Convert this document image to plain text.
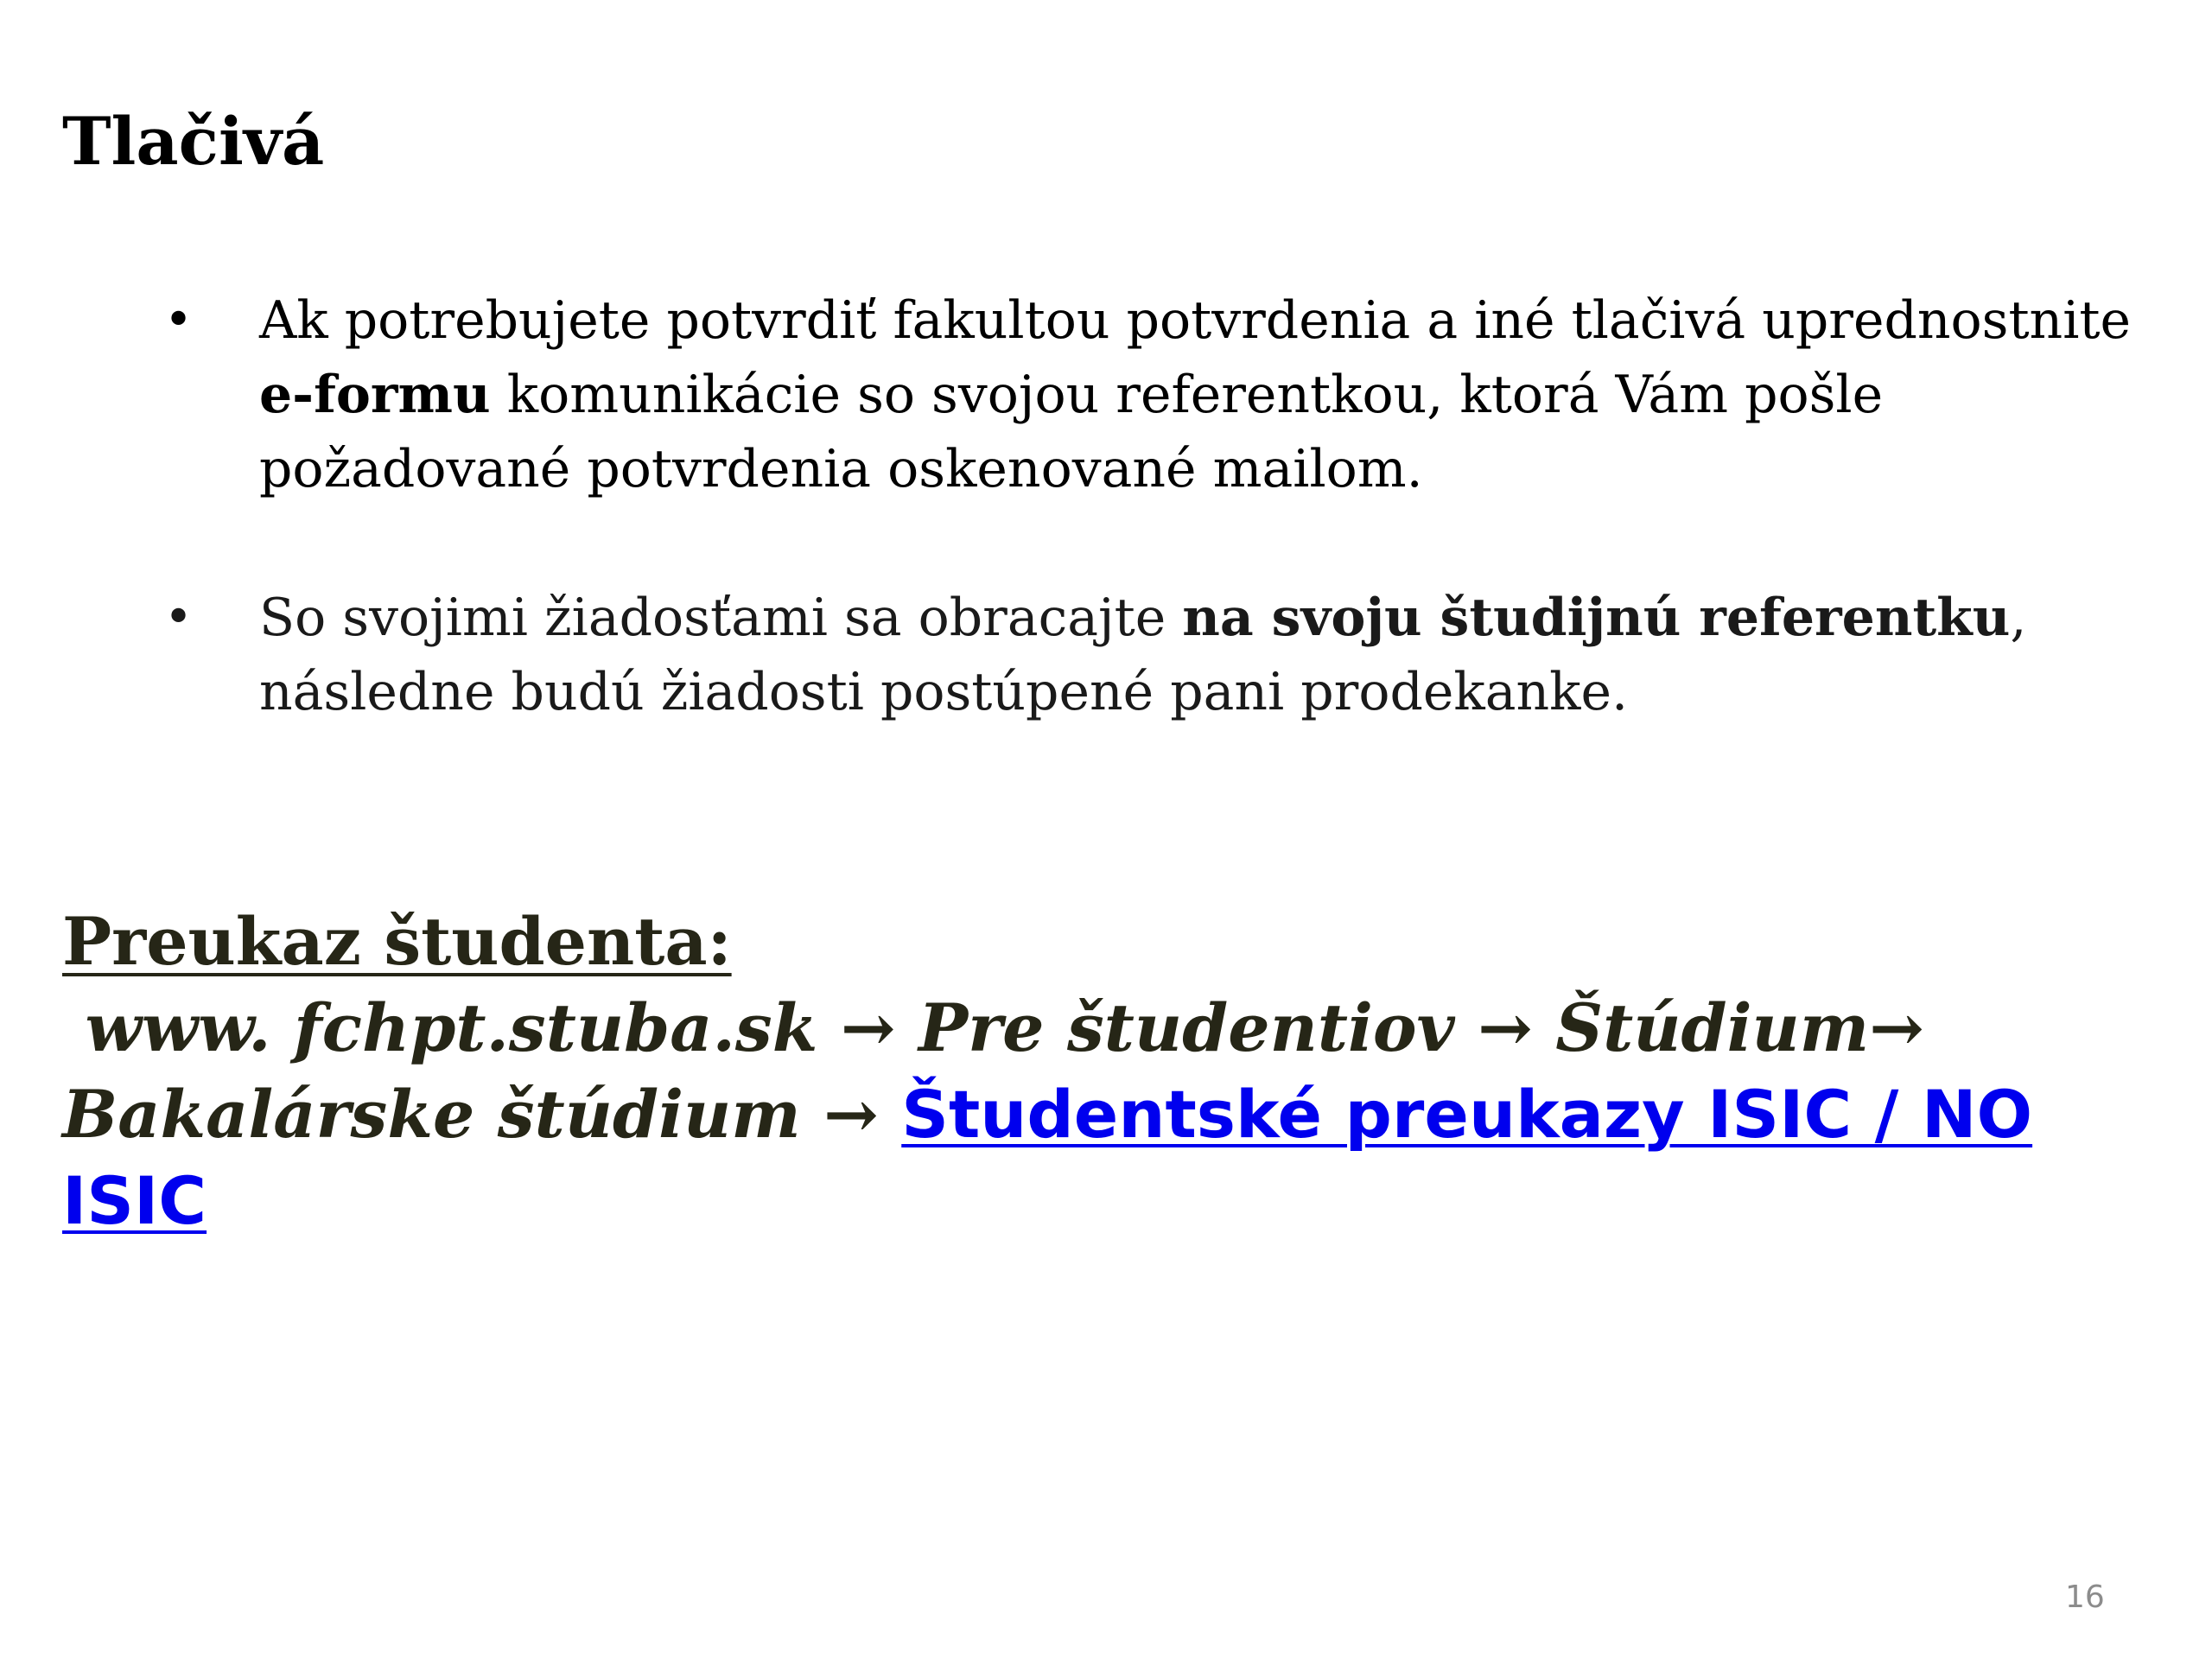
Tlačivá
• Ak potrebujete potvrdiť fakultou potvrdenia a iné tlačivá uprednostnite e-formu komunikácie so svojou referentkou, ktorá Vám pošle požadované potvrdenia oskenované mailom.
• So svojimi žiadosťami sa obracajte na svoju študijnú referentku, následne budú žiadosti postúpené pani prodekanke.
Preukaz študenta:
www. fchpt.stuba.sk → Pre študentiov → Štúdium→
Bakalárske štúdium → Študentské preukazy ISIC / NO ISIC
16
